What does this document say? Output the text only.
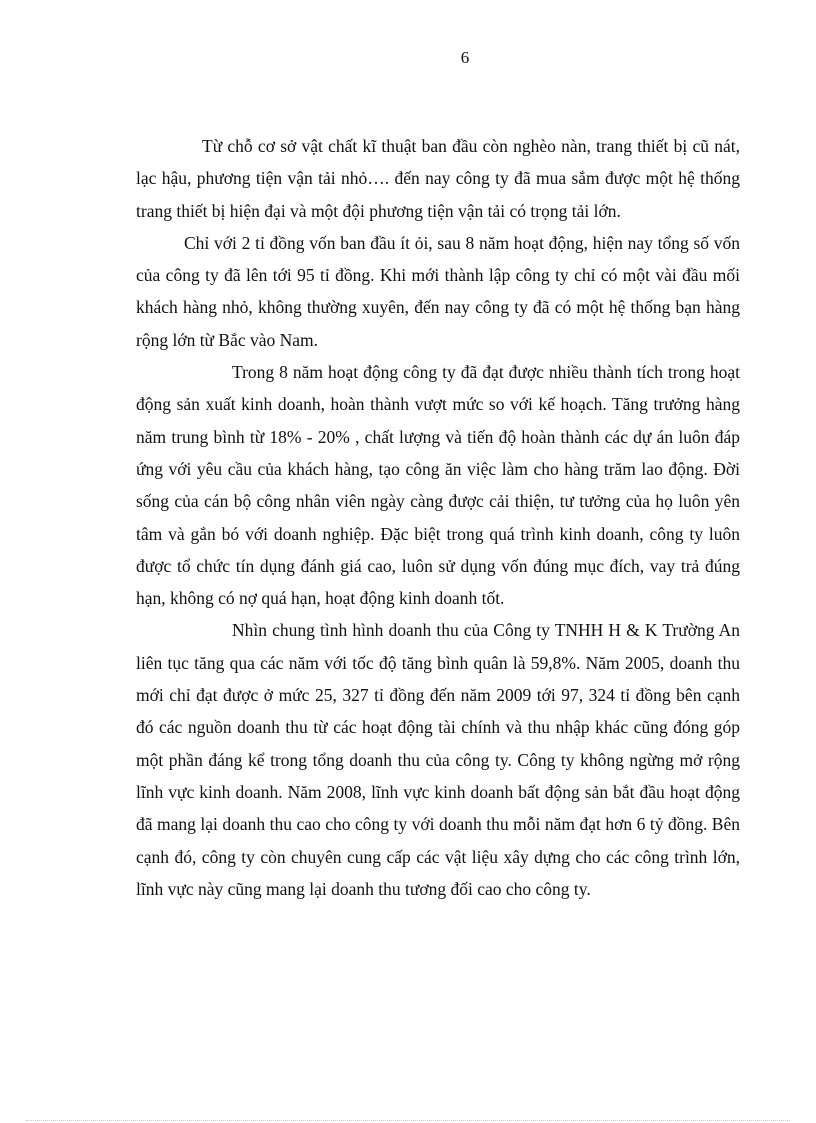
6

Từ chỗ cơ sở vật chất kĩ thuật ban đầu còn nghèo nàn, trang thiết bị cũ nát, lạc hậu, phương tiện vận tải nhỏ…. đến nay công ty đã mua sắm được một hệ thống trang thiết bị hiện đại và một đội phương tiện vận tải có trọng tải lớn.

Chỉ với 2 tỉ đồng vốn ban đầu ít ỏi, sau 8 năm hoạt động, hiện nay tổng số vốn của công ty đã lên tới 95 tỉ đồng. Khi mới thành lập công ty chỉ có một vài đầu mối khách hàng nhỏ, không thường xuyên, đến nay công ty đã có một hệ thống bạn hàng rộng lớn từ Bắc vào Nam.

Trong 8 năm hoạt động công ty đã đạt được nhiều thành tích trong hoạt động sản xuất kinh doanh, hoàn thành vượt mức so với kế hoạch. Tăng trưởng hàng năm trung bình từ 18% - 20% , chất lượng và tiến độ hoàn thành các dự án luôn đáp ứng với yêu cầu của khách hàng, tạo công ăn việc làm cho hàng trăm lao động. Đời sống của cán bộ công nhân viên ngày càng được cải thiện, tư tưởng của họ luôn yên tâm và gắn bó với doanh nghiệp. Đặc biệt trong quá trình kinh doanh, công ty luôn được tổ chức tín dụng đánh giá cao, luôn sử dụng vốn đúng mục đích, vay trả đúng hạn, không có nợ quá hạn, hoạt động kinh doanh tốt.

Nhìn chung tình hình doanh thu của Công ty TNHH H & K Trường An liên tục tăng qua các năm với tốc độ tăng bình quân là 59,8%. Năm 2005, doanh thu mới chỉ đạt được ở mức 25, 327 tỉ đồng đến năm 2009 tới 97, 324 tỉ đồng bên cạnh đó các nguồn doanh thu từ các hoạt động tài chính và thu nhập khác cũng đóng góp một phần đáng kể trong tổng doanh thu của công ty. Công ty không ngừng mở rộng lĩnh vực kinh doanh. Năm 2008, lĩnh vực kinh doanh bất động sản bắt đầu hoạt động đã mang lại doanh thu cao cho công ty với doanh thu mỗi năm đạt hơn 6 tỷ đồng. Bên cạnh đó, công ty còn chuyên cung cấp các vật liệu xây dựng cho các công trình lớn, lĩnh vực này cũng mang lại doanh thu tương đối cao cho công ty.
